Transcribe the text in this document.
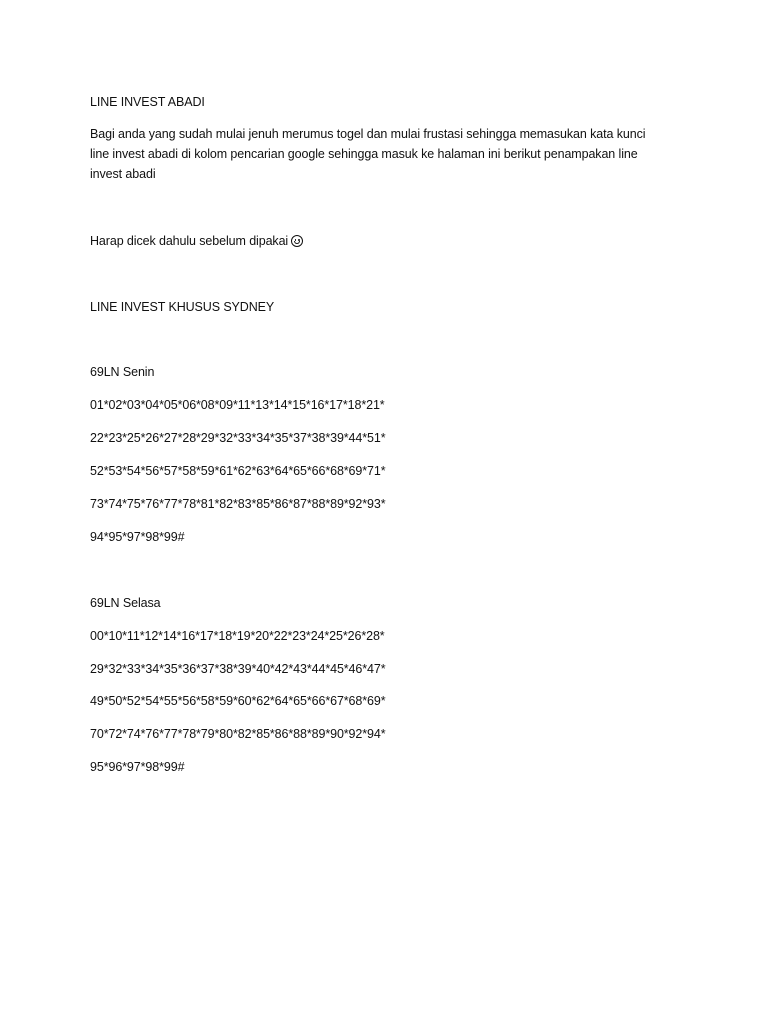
LINE INVEST ABADI
Bagi anda yang sudah mulai jenuh merumus togel dan mulai frustasi sehingga memasukan kata kunci
line invest abadi di kolom pencarian google sehingga masuk ke halaman ini berikut penampakan line
invest abadi
Harap dicek dahulu sebelum dipakai
LINE INVEST KHUSUS SYDNEY
69LN Senin
01*02*03*04*05*06*08*09*11*13*14*15*16*17*18*21*
22*23*25*26*27*28*29*32*33*34*35*37*38*39*44*51*
52*53*54*56*57*58*59*61*62*63*64*65*66*68*69*71*
73*74*75*76*77*78*81*82*83*85*86*87*88*89*92*93*
94*95*97*98*99#
69LN Selasa
00*10*11*12*14*16*17*18*19*20*22*23*24*25*26*28*
29*32*33*34*35*36*37*38*39*40*42*43*44*45*46*47*
49*50*52*54*55*56*58*59*60*62*64*65*66*67*68*69*
70*72*74*76*77*78*79*80*82*85*86*88*89*90*92*94*
95*96*97*98*99#
